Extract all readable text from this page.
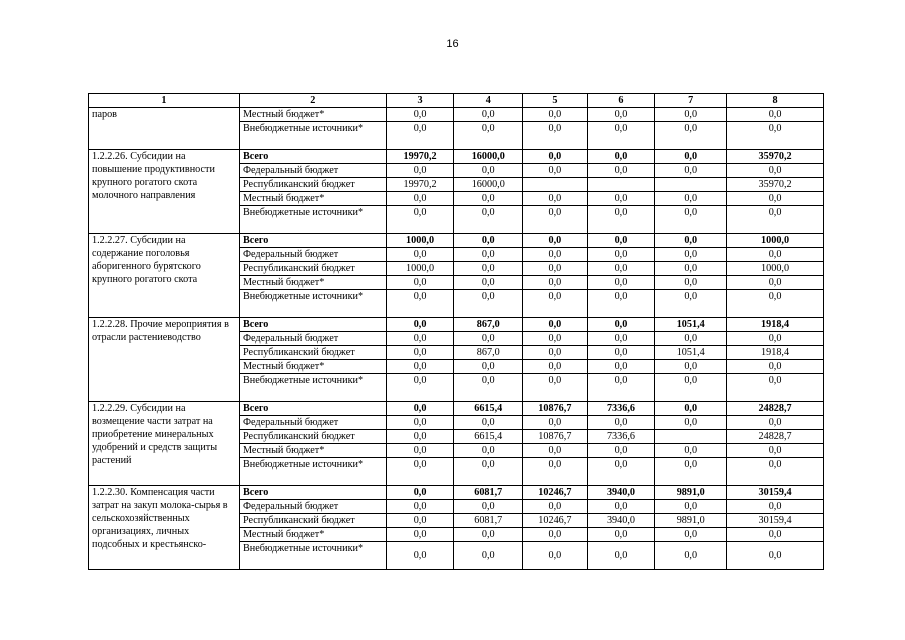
16
1	2	3	4	5	6	7	8
паров	Местный бюджет*	0,0	0,0	0,0	0,0	0,0	0,0
	Внебюджетные источники*	0,0	0,0	0,0	0,0	0,0	0,0
1.2.2.26. Субсидии на повышение продуктивности крупного рогатого скота молочного направления	Всего	19970,2	16000,0	0,0	0,0	0,0	35970,2
	Федеральный бюджет	0,0	0,0	0,0	0,0	0,0	0,0
	Республиканский бюджет	19970,2	16000,0				35970,2
	Местный бюджет*	0,0	0,0	0,0	0,0	0,0	0,0
	Внебюджетные источники*	0,0	0,0	0,0	0,0	0,0	0,0
1.2.2.27. Субсидии на содержание поголовья аборигенного бурятского крупного рогатого скота	Всего	1000,0	0,0	0,0	0,0	0,0	1000,0
	Федеральный бюджет	0,0	0,0	0,0	0,0	0,0	0,0
	Республиканский бюджет	1000,0	0,0	0,0	0,0	0,0	1000,0
	Местный бюджет*	0,0	0,0	0,0	0,0	0,0	0,0
	Внебюджетные источники*	0,0	0,0	0,0	0,0	0,0	0,0
1.2.2.28. Прочие мероприятия в отрасли растениеводство	Всего	0,0	867,0	0,0	0,0	1051,4	1918,4
	Федеральный бюджет	0,0	0,0	0,0	0,0	0,0	0,0
	Республиканский бюджет	0,0	867,0	0,0	0,0	1051,4	1918,4
	Местный бюджет*	0,0	0,0	0,0	0,0	0,0	0,0
	Внебюджетные источники*	0,0	0,0	0,0	0,0	0,0	0,0
1.2.2.29. Субсидии на возмещение части затрат на приобретение минеральных удобрений и средств защиты растений	Всего	0,0	6615,4	10876,7	7336,6	0,0	24828,7
	Федеральный бюджет	0,0	0,0	0,0	0,0	0,0	0,0
	Республиканский бюджет	0,0	6615,4	10876,7	7336,6		24828,7
	Местный бюджет*	0,0	0,0	0,0	0,0	0,0	0,0
	Внебюджетные источники*	0,0	0,0	0,0	0,0	0,0	0,0
1.2.2.30. Компенсация части затрат на закуп молока-сырья в сельскохозяйственных организациях, личных подсобных и крестьянско-	Всего	0,0	6081,7	10246,7	3940,0	9891,0	30159,4
	Федеральный бюджет	0,0	0,0	0,0	0,0	0,0	0,0
	Республиканский бюджет	0,0	6081,7	10246,7	3940,0	9891,0	30159,4
	Местный бюджет*	0,0	0,0	0,0	0,0	0,0	0,0
	Внебюджетные источники*	0,0	0,0	0,0	0,0	0,0	0,0
